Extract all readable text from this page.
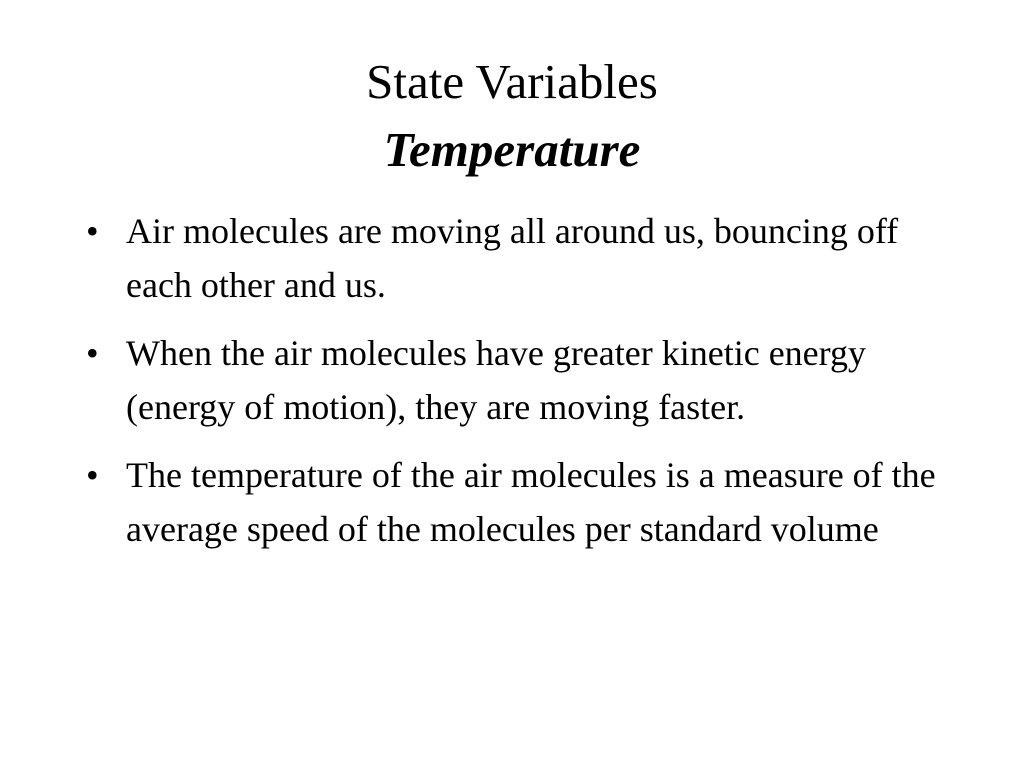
State Variables
Temperature
• Air molecules are moving all around us, bouncing off each other and us.
• When the air molecules have greater kinetic energy (energy of motion), they are moving faster.
• The temperature of the air molecules is a measure of the average speed of the molecules per standard volume
